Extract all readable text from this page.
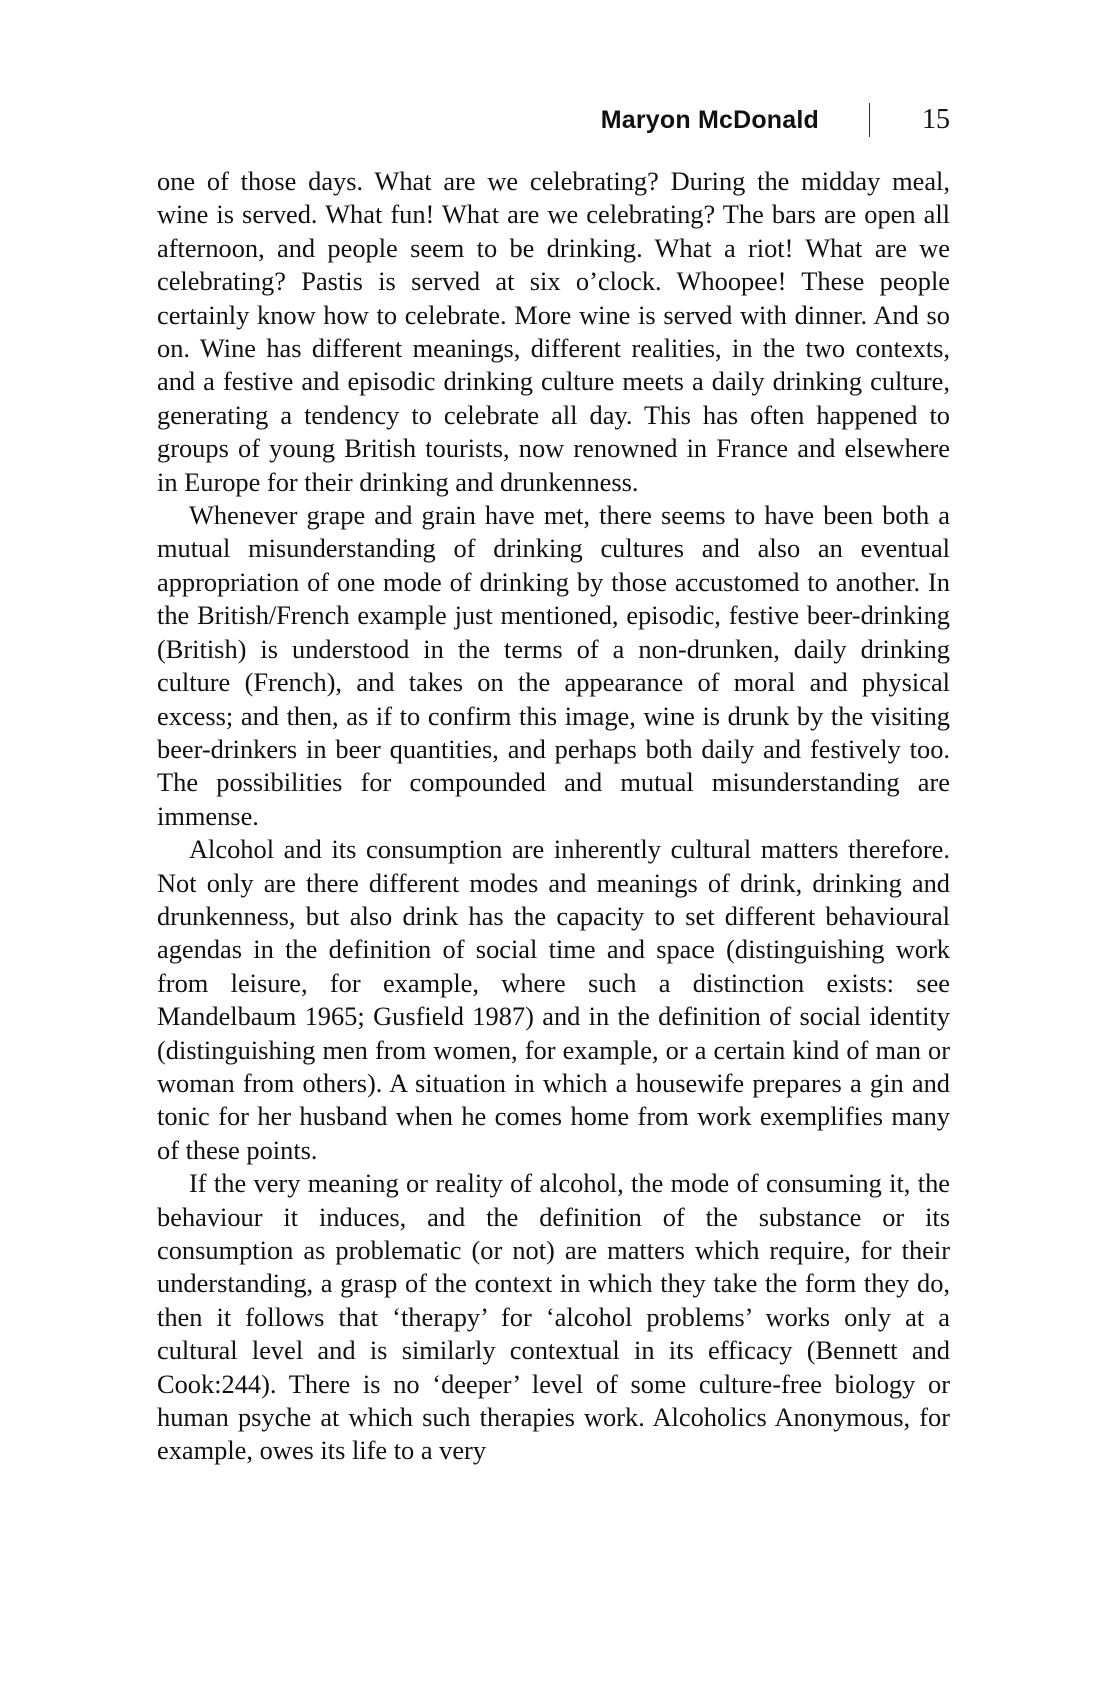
Maryon McDonald	15

one of those days. What are we celebrating? During the midday meal, wine is served. What fun! What are we celebrating? The bars are open all afternoon, and people seem to be drinking. What a riot! What are we celebrating? Pastis is served at six o’clock. Whoopee! These people certainly know how to celebrate. More wine is served with dinner. And so on. Wine has different meanings, different realities, in the two contexts, and a festive and episodic drinking culture meets a daily drinking culture, generating a tendency to celebrate all day. This has often happened to groups of young British tourists, now renowned in France and elsewhere in Europe for their drinking and drunkenness.

Whenever grape and grain have met, there seems to have been both a mutual misunderstanding of drinking cultures and also an eventual appropriation of one mode of drinking by those accustomed to another. In the British/French example just mentioned, episodic, festive beer-drinking (British) is understood in the terms of a non-drunken, daily drinking culture (French), and takes on the appearance of moral and physical excess; and then, as if to confirm this image, wine is drunk by the visiting beer-drinkers in beer quantities, and perhaps both daily and festively too. The possibilities for compounded and mutual misunderstanding are immense.

Alcohol and its consumption are inherently cultural matters therefore. Not only are there different modes and meanings of drink, drinking and drunkenness, but also drink has the capacity to set different behavioural agendas in the definition of social time and space (distinguishing work from leisure, for example, where such a distinction exists: see Mandelbaum 1965; Gusfield 1987) and in the definition of social identity (distinguishing men from women, for example, or a certain kind of man or woman from others). A situation in which a housewife prepares a gin and tonic for her husband when he comes home from work exemplifies many of these points.

If the very meaning or reality of alcohol, the mode of consuming it, the behaviour it induces, and the definition of the substance or its consumption as problematic (or not) are matters which require, for their understanding, a grasp of the context in which they take the form they do, then it follows that ‘therapy’ for ‘alcohol problems’ works only at a cultural level and is similarly contextual in its efficacy (Bennett and Cook:244). There is no ‘deeper’ level of some culture-free biology or human psyche at which such therapies work. Alcoholics Anonymous, for example, owes its life to a very
